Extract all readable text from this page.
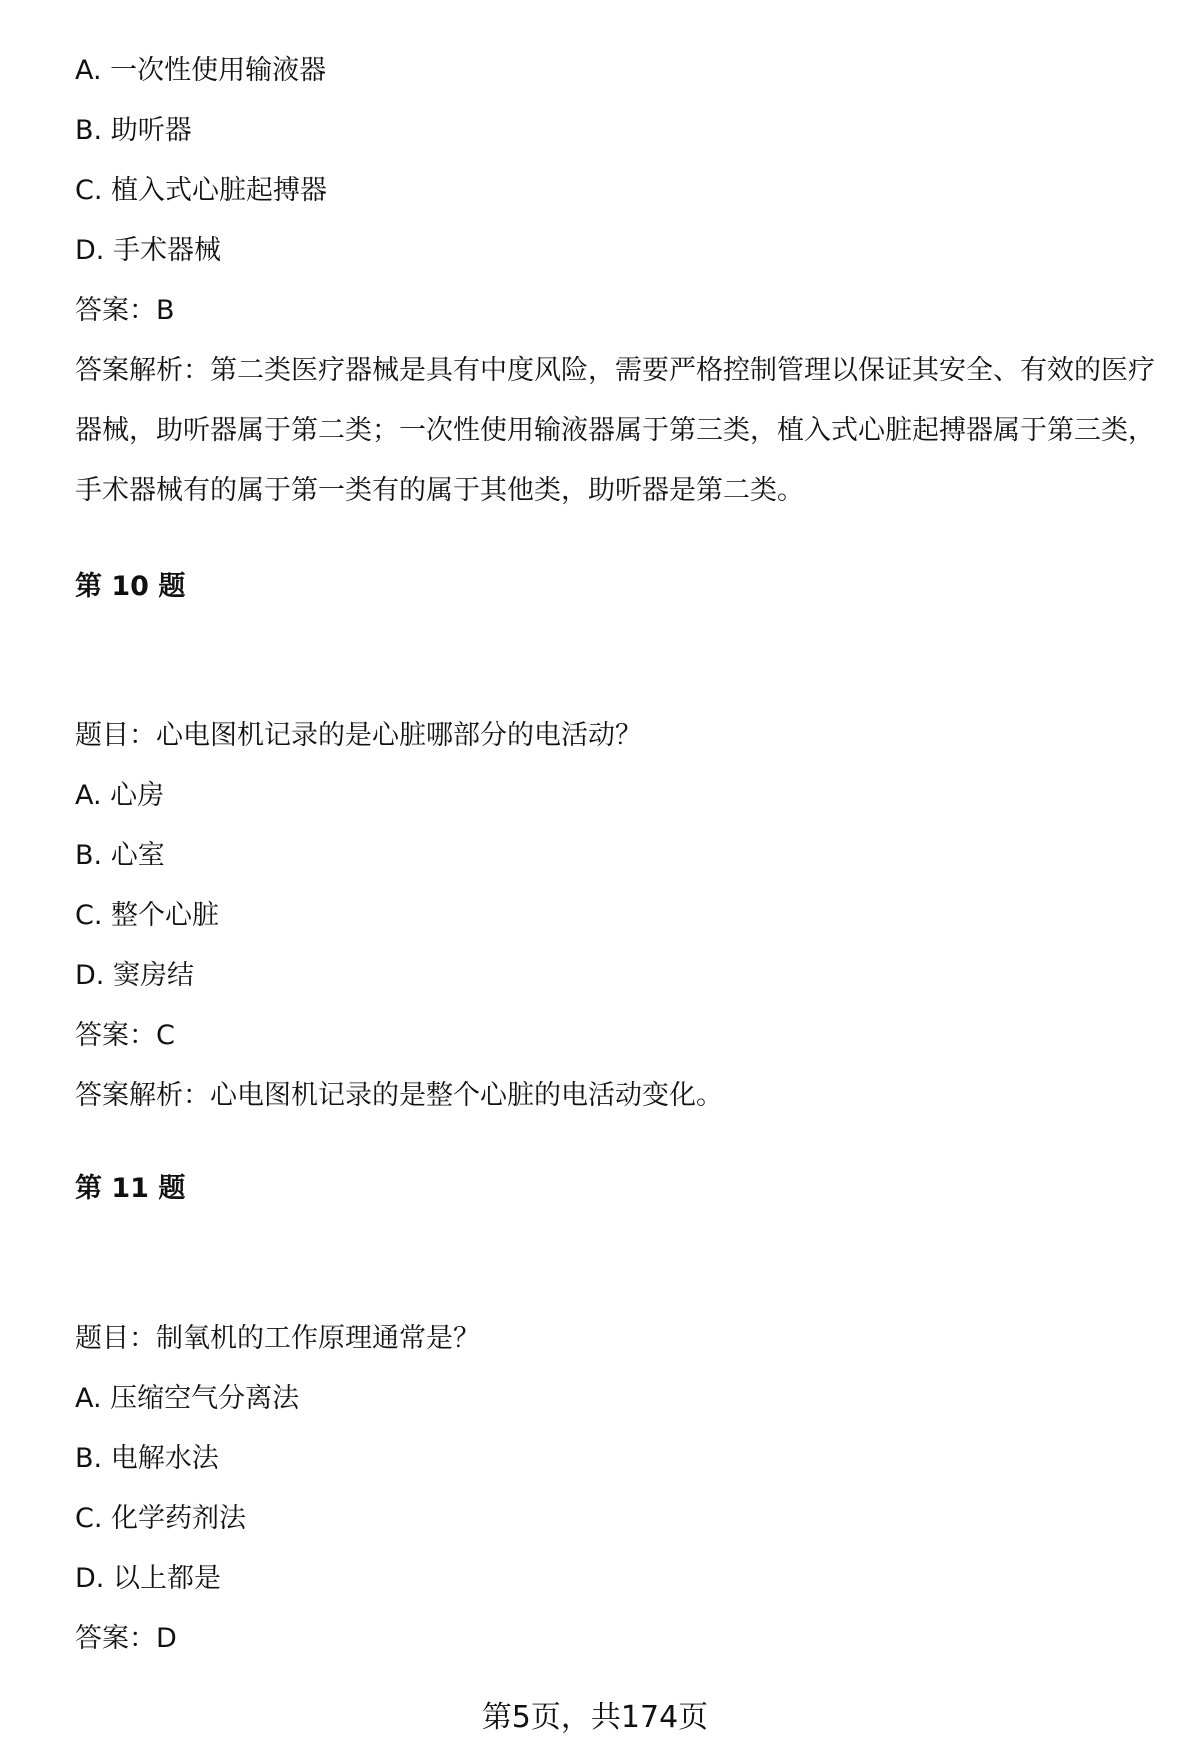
A. 一次性使用输液器
B. 助听器
C. 植入式心脏起搏器
D. 手术器械
答案：B
答案解析：第二类医疗器械是具有中度风险，需要严格控制管理以保证其安全、有效的医疗器械，助听器属于第二类；一次性使用输液器属于第三类，植入式心脏起搏器属于第三类，手术器械有的属于第一类有的属于其他类，助听器是第二类。
第 10 题
题目：心电图机记录的是心脏哪部分的电活动？
A. 心房
B. 心室
C. 整个心脏
D. 窦房结
答案：C
答案解析：心电图机记录的是整个心脏的电活动变化。
第 11 题
题目：制氧机的工作原理通常是？
A. 压缩空气分离法
B. 电解水法
C. 化学药剂法
D. 以上都是
答案：D
第5页，共174页
